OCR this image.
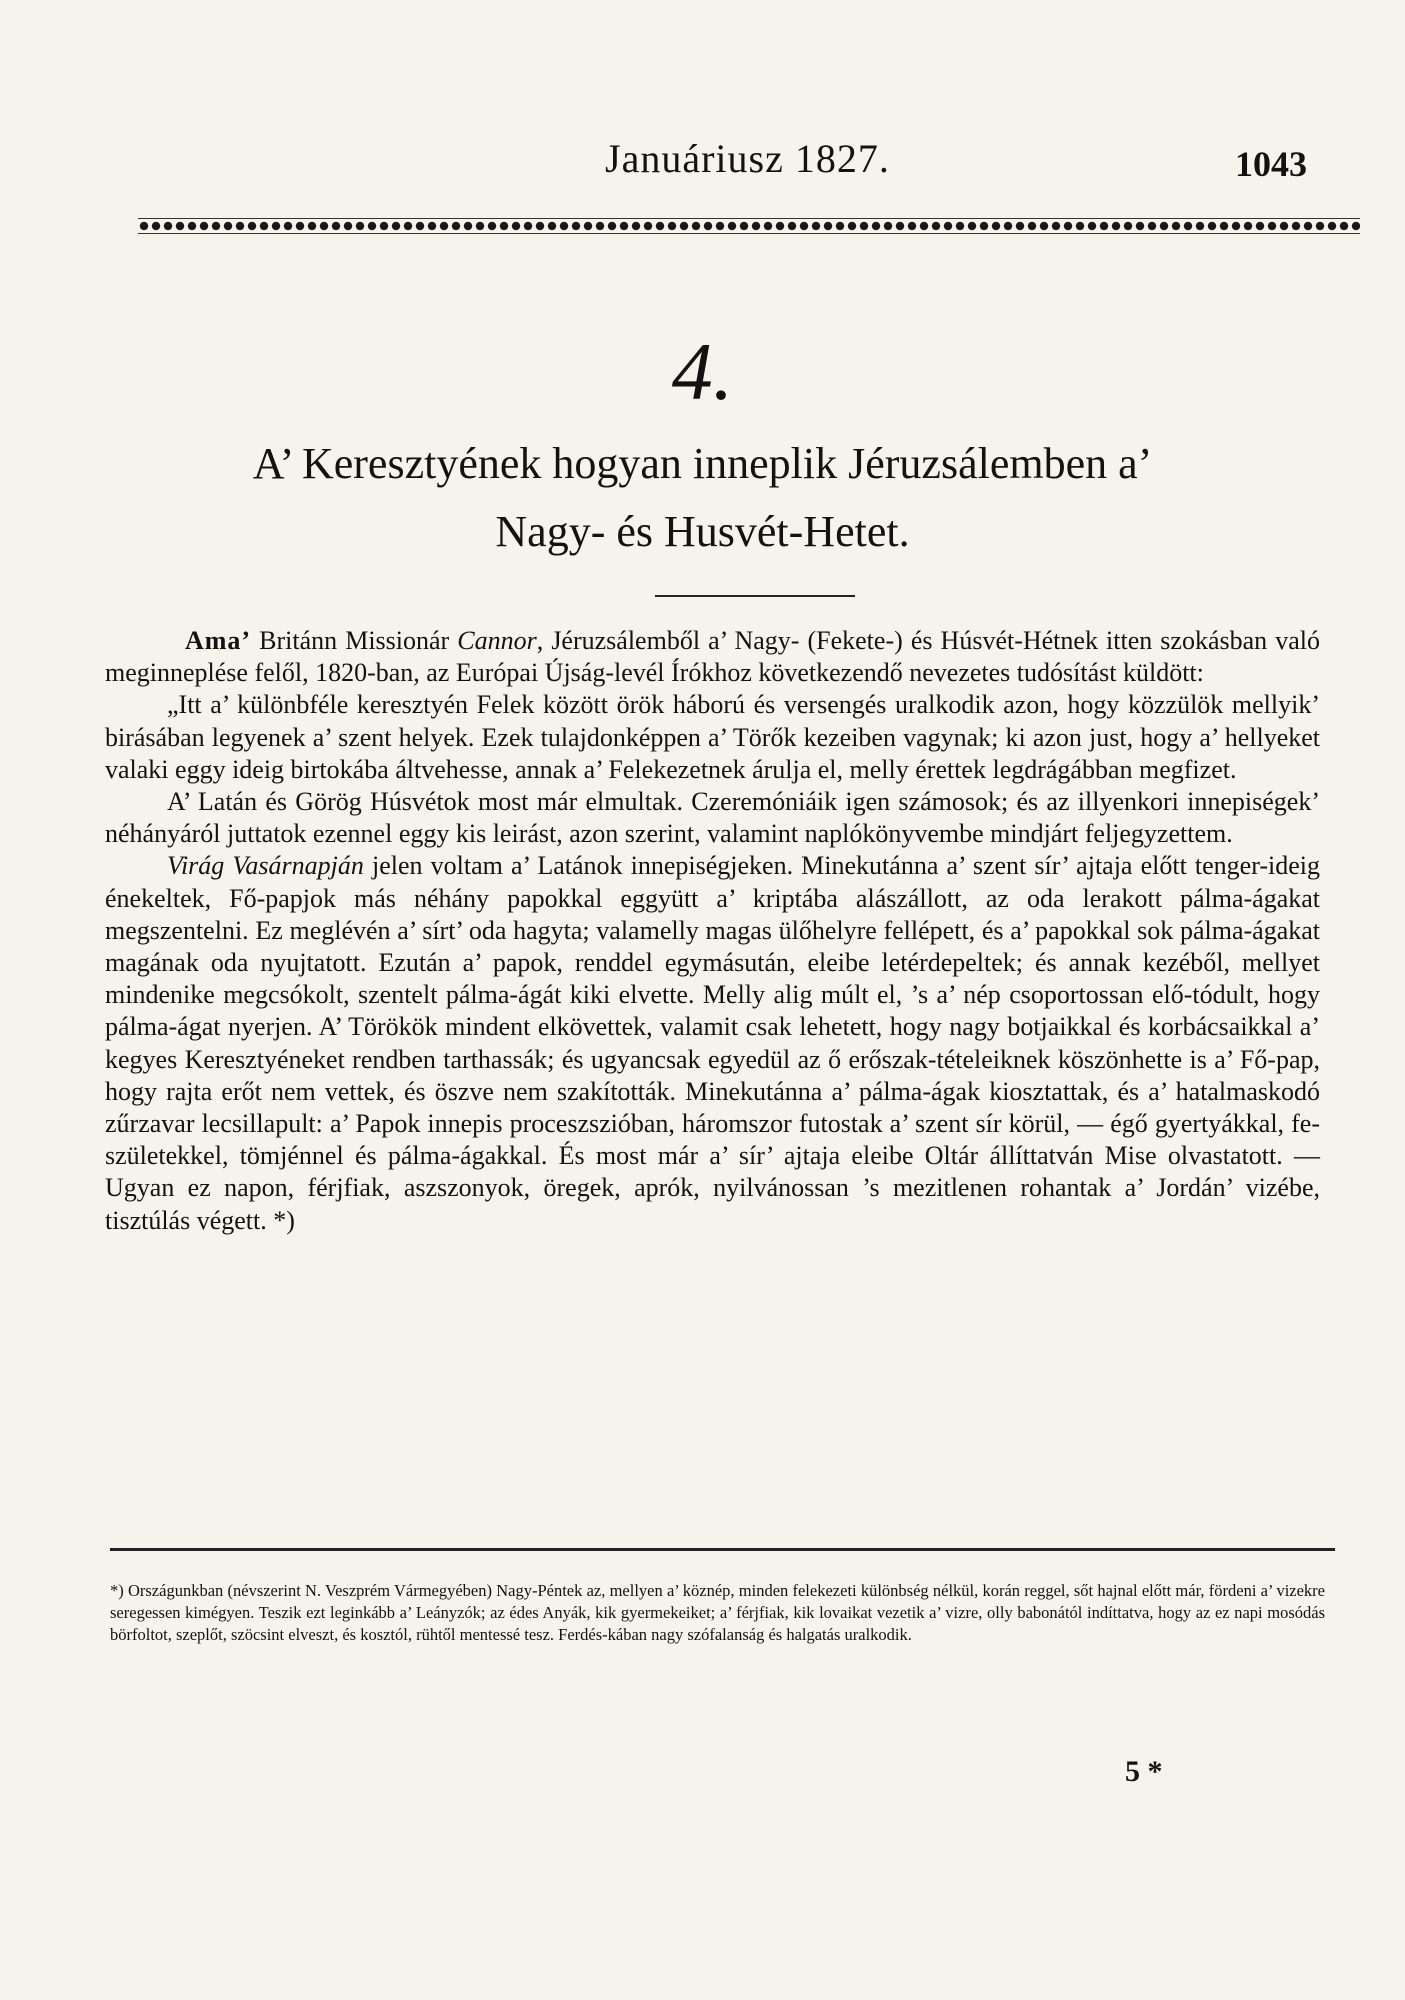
Januáriusz 1827.	1043
4.
A’ Keresztyének hogyan inneplik Jéruzsálemben a’
Nagy- és Husvét-Hetet.

Ama’ Británn Missionár Cannor, Jéruzsálemből a’ Nagy- (Fekete-) és Húsvét-Hétnek itten szokásban való meginneplése felől, 1820-ban, az Európai Újság-levél Írókhoz következendő nevezetes tudósítást küldött:

„Itt a’ különbféle keresztyén Felek között örök háború és versengés uralkodik azon, hogy közzülök mellyik’ birásában legyenek a’ szent helyek. Ezek tulajdonképpen a’ Törők kezeiben vagynak; ki azon just, hogy a’ hellyeket valaki eggy ideig birtokába áltvehesse, annak a’ Felekezetnek árulja el, melly érettek legdrágábban megfizet.

A’ Latán és Görög Húsvétok most már elmultak. Czeremóniáik igen számosok; és az illyenkori innepiségek’ néhányáról juttatok ezennel eggy kis leirást, azon szerint, valamint naplókönyvembe mindjárt feljegyzettem.

Virág Vasárnapján jelen voltam a’ Latánok innepiségjeken. Minekutánna a’ szent sír’ ajtaja előtt tenger-ideig énekeltek, Fő-papjok más néhány papokkal eggyütt a’ kriptába alászállott, az oda lerakott pálma-ágakat megszentelni. Ez meglévén a’ sírt’ oda hagyta; valamelly magas ülőhelyre fellépett, és a’ papokkal sok pálma-ágakat magának oda nyujtatott. Ezután a’ papok, renddel egymásután, eleibe letérdepeltek; és annak kezéből, mellyet mindenike megcsókolt, szentelt pálma-ágát kiki elvette. Melly alig múlt el, ’s a’ nép csoportossan elő-tódult, hogy pálma-ágat nyerjen. A’ Törökök mindent elkövettek, valamit csak lehetett, hogy nagy botjaikkal és korbácsaikkal a’ kegyes Keresztyéneket rendben tarthassák; és ugyancsak egyedül az ő erőszak-tételeiknek köszönhette is a’ Fő-pap, hogy rajta erőt nem vettek, és öszve nem szakították. Minekutánna a’ pálma-ágak kiosztattak, és a’ hatalmaskodó zűrzavar lecsillapult: a’ Papok innepis proceszszióban, háromszor futostak a’ szent sír körül, — égő gyertyákkal, fe- születekkel, tömjénnel és pálma-ágakkal. És most már a’ sír’ ajtaja eleibe Oltár állíttatván Mise olvastatott. — Ugyan ez napon, férjfiak, aszszonyok, öregek, aprók, nyilvánossan ’s mezitlenen rohantak a’ Jordán’ vizébe, tisztúlás végett. *)

*) Országunkban (névszerint N. Veszprém Vármegyében) Nagy-Péntek az, mellyen a’ köznép, minden felekezeti különbség nélkül, korán reggel, sőt hajnal előtt már, fördeni a’ vizekre seregessen kimégyen. Teszik ezt leginkább a’ Leányzók; az édes Anyák, kik gyermekeiket; a’ férjfiak, kik lovaikat vezetik a’ vizre, olly babonától indíttatva, hogy az ez napi mosódás börfoltot, szeplőt, szöcsint elveszt, és kosztól, rühtől mentessé tesz. Ferdés-kában nagy szófalanság és halgatás uralkodik.
5 *
